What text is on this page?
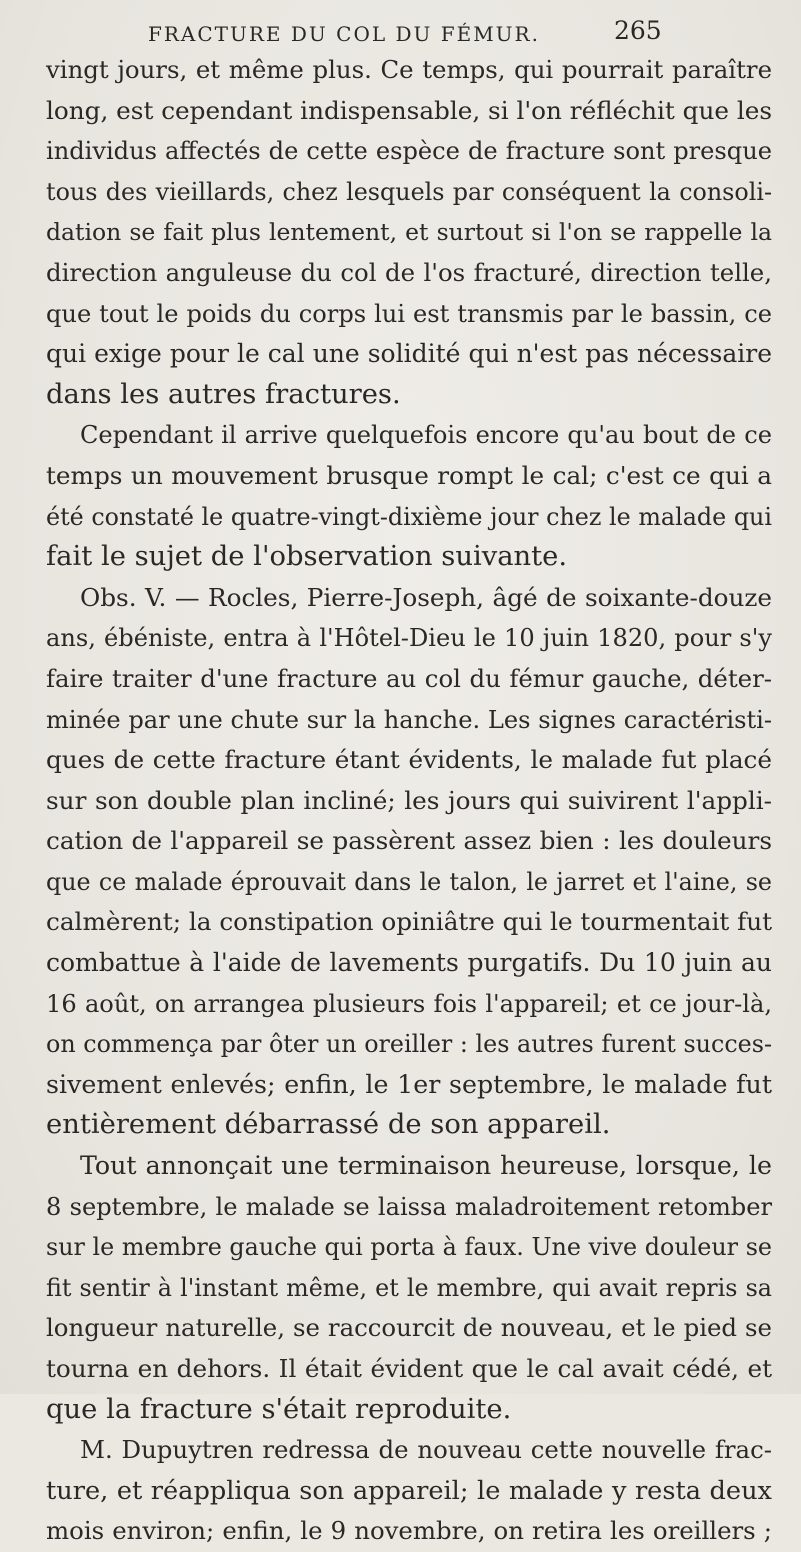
FRACTURE DU COL DU FÉMUR.	265
vingt jours, et même plus. Ce temps, qui pourrait paraître
long, est cependant indispensable, si l'on réfléchit que les
individus affectés de cette espèce de fracture sont presque
tous des vieillards, chez lesquels par conséquent la consoli-
dation se fait plus lentement, et surtout si l'on se rappelle la
direction anguleuse du col de l'os fracturé, direction telle,
que tout le poids du corps lui est transmis par le bassin, ce
qui exige pour le cal une solidité qui n'est pas nécessaire
dans les autres fractures.
Cependant il arrive quelquefois encore qu'au bout de ce
temps un mouvement brusque rompt le cal; c'est ce qui a
été constaté le quatre-vingt-dixième jour chez le malade qui
fait le sujet de l'observation suivante.
Obs. V. — Rocles, Pierre-Joseph, âgé de soixante-douze
ans, ébéniste, entra à l'Hôtel-Dieu le 10 juin 1820, pour s'y
faire traiter d'une fracture au col du fémur gauche, déter-
minée par une chute sur la hanche. Les signes caractéristi-
ques de cette fracture étant évidents, le malade fut placé
sur son double plan incliné; les jours qui suivirent l'appli-
cation de l'appareil se passèrent assez bien : les douleurs
que ce malade éprouvait dans le talon, le jarret et l'aine, se
calmèrent; la constipation opiniâtre qui le tourmentait fut
combattue à l'aide de lavements purgatifs. Du 10 juin au
16 août, on arrangea plusieurs fois l'appareil; et ce jour-là,
on commença par ôter un oreiller : les autres furent succes-
sivement enlevés; enfin, le 1er septembre, le malade fut
entièrement débarrassé de son appareil.
Tout annonçait une terminaison heureuse, lorsque, le
8 septembre, le malade se laissa maladroitement retomber
sur le membre gauche qui porta à faux. Une vive douleur se
fit sentir à l'instant même, et le membre, qui avait repris sa
longueur naturelle, se raccourcit de nouveau, et le pied se
tourna en dehors. Il était évident que le cal avait cédé, et
que la fracture s'était reproduite.
M. Dupuytren redressa de nouveau cette nouvelle frac-
ture, et réappliqua son appareil; le malade y resta deux
mois environ; enfin, le 9 novembre, on retira les oreillers ;
